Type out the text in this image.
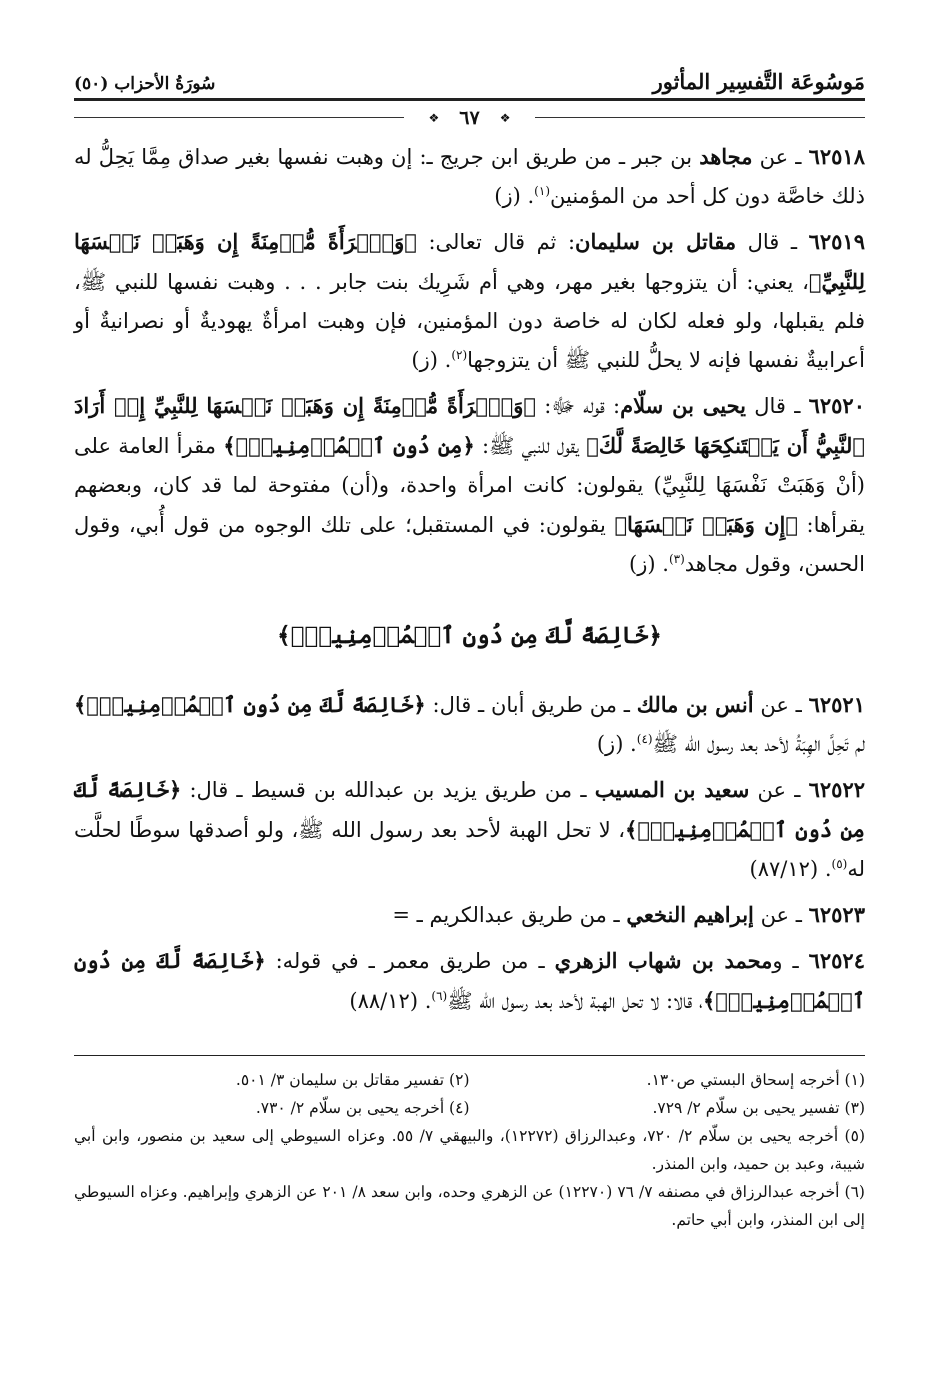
مَوسُوعَة التَّفسِير المأثور
سُورَةُ الأحزاب (٥٠)
❖
٦٧
❖

٦٢٥١٨ ـ عن مجاهد بن جبر ـ من طريق ابن جريج ـ: إن وهبت نفسها بغير صداق مِمَّا يَحِلُّ له ذلك خاصَّة دون كل أحد من المؤمنين$^{(١)}$. (ز)

٦٢٥١٩ ـ قال مقاتل بن سليمان: ثم قال تعالى: ﴿وَٱمۡرَأَةً مُّؤۡمِنَةً إِن وَهَبَتۡ نَفۡسَهَا لِلنَّبِيِّ﴾، يعني: أن يتزوجها بغير مهر، وهي أم شَرِيك بنت جابر . . . وهبت نفسها للنبي ﷺ، فلم يقبلها، ولو فعله لكان له خاصة دون المؤمنين، فإن وهبت امرأةٌ يهوديةٌ أو نصرانيةٌ أو أعرابيةٌ نفسها فإنه لا يحلُّ للنبي ﷺ أن يتزوجها$^{(٢)}$. (ز)

٦٢٥٢٠ ـ قال يحيى بن سلّام: قوله ﷻ: ﴿وَٱمۡرَأَةً مُّؤۡمِنَةً إِن وَهَبَتۡ نَفۡسَهَا لِلنَّبِيِّ إِنۡ أَرَادَ ٱلنَّبِيُّ أَن يَسۡتَنكِحَهَا خَالِصَةً لَّكَ﴾ يقول للنبي ﷺ: ﴿مِن دُونِ ٱلۡمُؤۡمِنِينَۗ﴾ مقرأ العامة على (أنْ وَهَبَتْ نَفْسَهَا لِلنَّبِيِّ) يقولون: كانت امرأة واحدة، و(أن) مفتوحة لما قد كان، وبعضهم يقرأها: ﴿إِن وَهَبَتۡ نَفۡسَهَا﴾ يقولون: في المستقبل؛ على تلك الوجوه من قول أُبي، وقول الحسن، وقول مجاهد$^{(٣)}$. (ز)

﴿خَالِصَةً لَّكَ مِن دُونِ ٱلۡمُؤۡمِنِينَۗ﴾

٦٢٥٢١ ـ عن أنس بن مالك ـ من طريق أبان ـ قال: ﴿خَالِصَةً لَّكَ مِن دُونِ ٱلۡمُؤۡمِنِينَۗ﴾ لم تَحِلَّ الهِبَةُ لأحد بعد رسول الله ﷺ$^{(٤)}$. (ز)

٦٢٥٢٢ ـ عن سعيد بن المسيب ـ من طريق يزيد بن عبدالله بن قسيط ـ قال: ﴿خَالِصَةً لَّكَ مِن دُونِ ٱلۡمُؤۡمِنِينَۗ﴾، لا تحل الهبة لأحد بعد رسول الله ﷺ، ولو أصدقها سوطًا لحلَّت له$^{(٥)}$. (٨٧/١٢)

٦٢٥٢٣ ـ عن إبراهيم النخعي ـ من طريق عبدالكريم ـ =

٦٢٥٢٤ ـ ومحمد بن شهاب الزهري ـ من طريق معمر ـ في قوله: ﴿خَالِصَةً لَّكَ مِن دُونِ ٱلۡمُؤۡمِنِينَۗ﴾، قالا: لا تحل الهبة لأحد بعد رسول الله ﷺ$^{(٦)}$. (٨٨/١٢)

(١) أخرجه إسحاق البستي ص١٣٠.
(٢) تفسير مقاتل بن سليمان ٣/ ٥٠١.
(٣) تفسير يحيى بن سلّام ٢/ ٧٢٩.
(٤) أخرجه يحيى بن سلّام ٢/ ٧٣٠.
(٥) أخرجه يحيى بن سلّام ٢/ ٧٢٠، وعبدالرزاق (١٢٢٧٢)، والبيهقي ٧/ ٥٥. وعزاه السيوطي إلى سعيد بن منصور، وابن أبي شيبة، وعبد بن حميد، وابن المنذر.
(٦) أخرجه عبدالرزاق في مصنفه ٧/ ٧٦ (١٢٢٧٠) عن الزهري وحده، وابن سعد ٨/ ٢٠١ عن الزهري وإبراهيم. وعزاه السيوطي إلى ابن المنذر، وابن أبي حاتم.
